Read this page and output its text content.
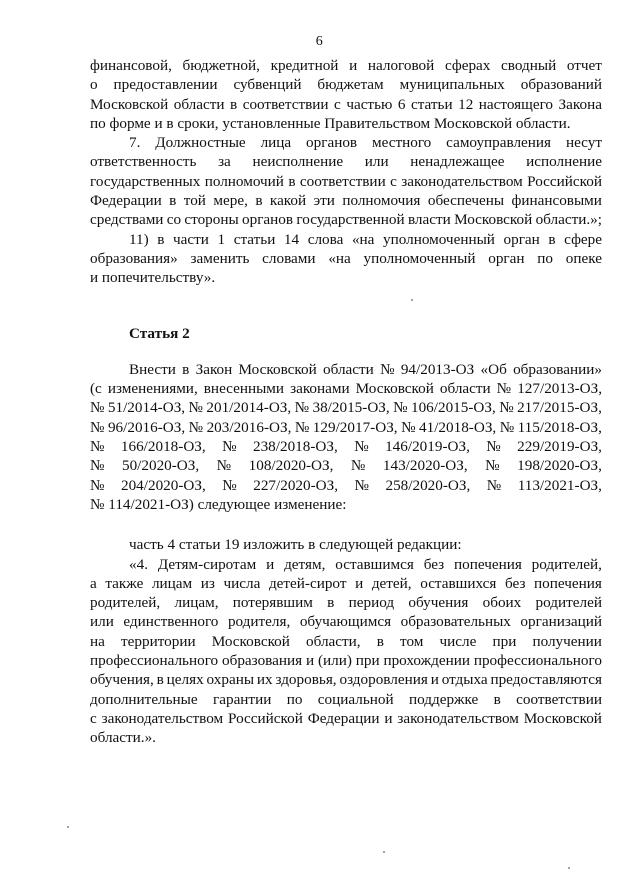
6
финансовой, бюджетной, кредитной и налоговой сферах сводный отчет
о предоставлении субвенций бюджетам муниципальных образований
Московской области в соответствии с частью 6 статьи 12 настоящего Закона
по форме и в сроки, установленные Правительством Московской области.
7. Должностные лица органов местного самоуправления несут
ответственность за неисполнение или ненадлежащее исполнение
государственных полномочий в соответствии с законодательством Российской
Федерации в той мере, в какой эти полномочия обеспечены финансовыми
средствами со стороны органов государственной власти Московской области.»;
11) в части 1 статьи 14 слова «на уполномоченный орган в сфере
образования» заменить словами «на уполномоченный орган по опеке
и попечительству».
Статья 2
Внести в Закон Московской области № 94/2013-ОЗ «Об образовании»
(с изменениями, внесенными законами Московской области № 127/2013-ОЗ,
№ 51/2014-ОЗ, № 201/2014-ОЗ, № 38/2015-ОЗ, № 106/2015-ОЗ, № 217/2015-ОЗ,
№ 96/2016-ОЗ, № 203/2016-ОЗ, № 129/2017-ОЗ, № 41/2018-ОЗ, № 115/2018-ОЗ,
№ 166/2018-ОЗ, № 238/2018-ОЗ, № 146/2019-ОЗ, № 229/2019-ОЗ,
№ 50/2020-ОЗ, № 108/2020-ОЗ, № 143/2020-ОЗ, № 198/2020-ОЗ,
№ 204/2020-ОЗ, № 227/2020-ОЗ, № 258/2020-ОЗ, № 113/2021-ОЗ,
№ 114/2021-ОЗ) следующее изменение:
часть 4 статьи 19 изложить в следующей редакции:
«4. Детям-сиротам и детям, оставшимся без попечения родителей,
а также лицам из числа детей-сирот и детей, оставшихся без попечения
родителей, лицам, потерявшим в период обучения обоих родителей
или единственного родителя, обучающимся образовательных организаций
на территории Московской области, в том числе при получении
профессионального образования и (или) при прохождении профессионального
обучения, в целях охраны их здоровья, оздоровления и отдыха предоставляются
дополнительные гарантии по социальной поддержке в соответствии
с законодательством Российской Федерации и законодательством Московской
области.».
